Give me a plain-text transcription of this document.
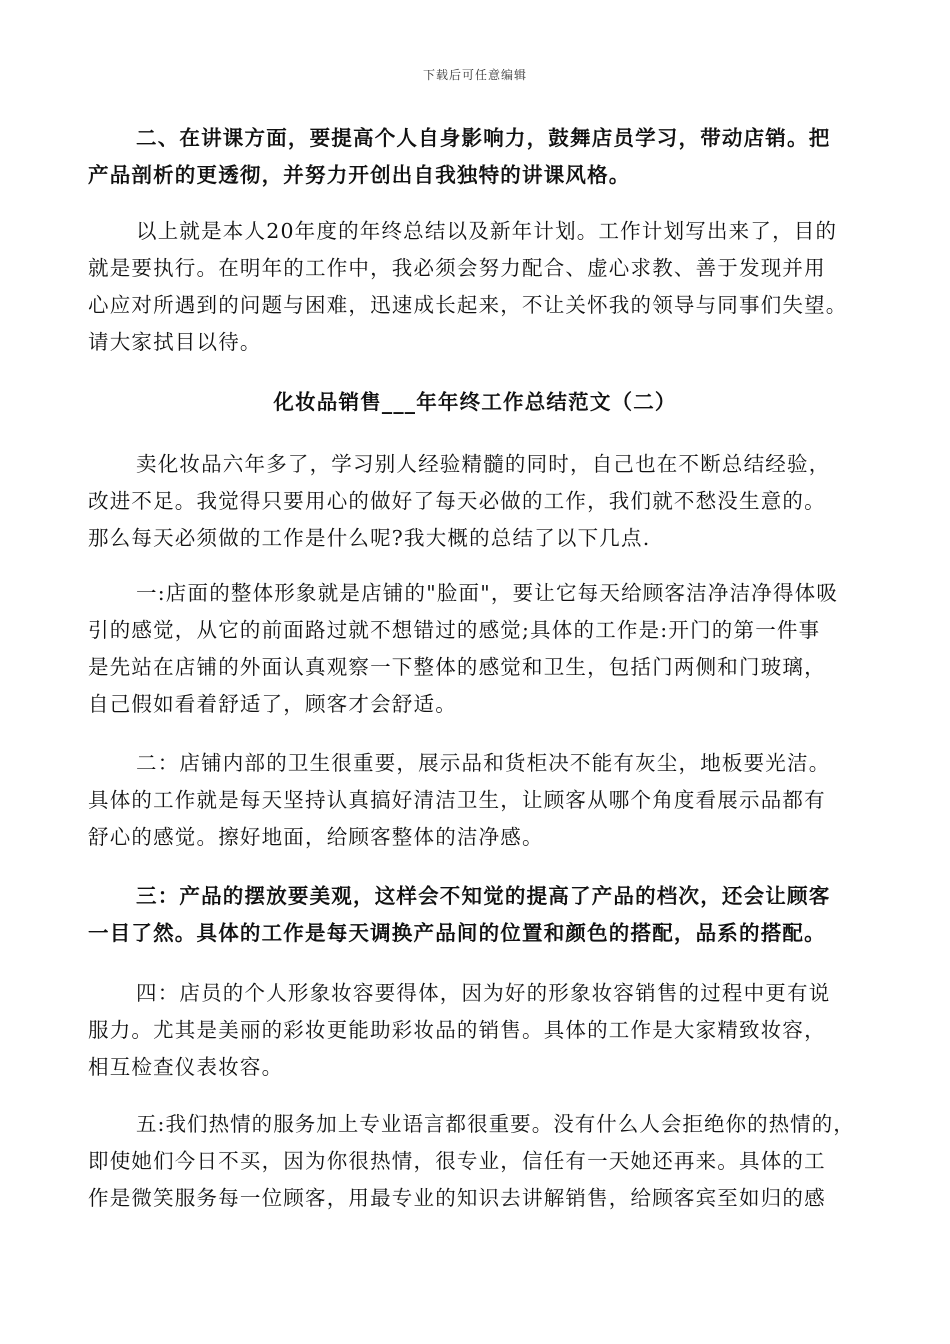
下载后可任意编辑
二、在讲课方面，要提高个人自身影响力，鼓舞店员学习，带动店销。把
产品剖析的更透彻，并努力开创出自我独特的讲课风格。
以上就是本人20年度的年终总结以及新年计划。工作计划写出来了，目的
就是要执行。在明年的工作中，我必须会努力配合、虚心求教、善于发现并用
心应对所遇到的问题与困难，迅速成长起来，不让关怀我的领导与同事们失望。
请大家拭目以待。
化妆品销售___年年终工作总结范文（二）
卖化妆品六年多了，学习别人经验精髓的同时，自己也在不断总结经验，
改进不足。我觉得只要用心的做好了每天必做的工作，我们就不愁没生意的。
那么每天必须做的工作是什么呢?我大概的总结了以下几点.
一:店面的整体形象就是店铺的"脸面"，要让它每天给顾客洁净洁净得体吸
引的感觉，从它的前面路过就不想错过的感觉;具体的工作是:开门的第一件事
是先站在店铺的外面认真观察一下整体的感觉和卫生，包括门两侧和门玻璃，
自己假如看着舒适了，顾客才会舒适。
二：店铺内部的卫生很重要，展示品和货柜决不能有灰尘，地板要光洁。
具体的工作就是每天坚持认真搞好清洁卫生，让顾客从哪个角度看展示品都有
舒心的感觉。擦好地面，给顾客整体的洁净感。
三：产品的摆放要美观，这样会不知觉的提高了产品的档次，还会让顾客
一目了然。具体的工作是每天调换产品间的位置和颜色的搭配，品系的搭配。
四：店员的个人形象妆容要得体，因为好的形象妆容销售的过程中更有说
服力。尤其是美丽的彩妆更能助彩妆品的销售。具体的工作是大家精致妆容，
相互检查仪表妆容。
五:我们热情的服务加上专业语言都很重要。没有什么人会拒绝你的热情的，
即使她们今日不买，因为你很热情，很专业，信任有一天她还再来。具体的工
作是微笑服务每一位顾客，用最专业的知识去讲解销售，给顾客宾至如归的感
